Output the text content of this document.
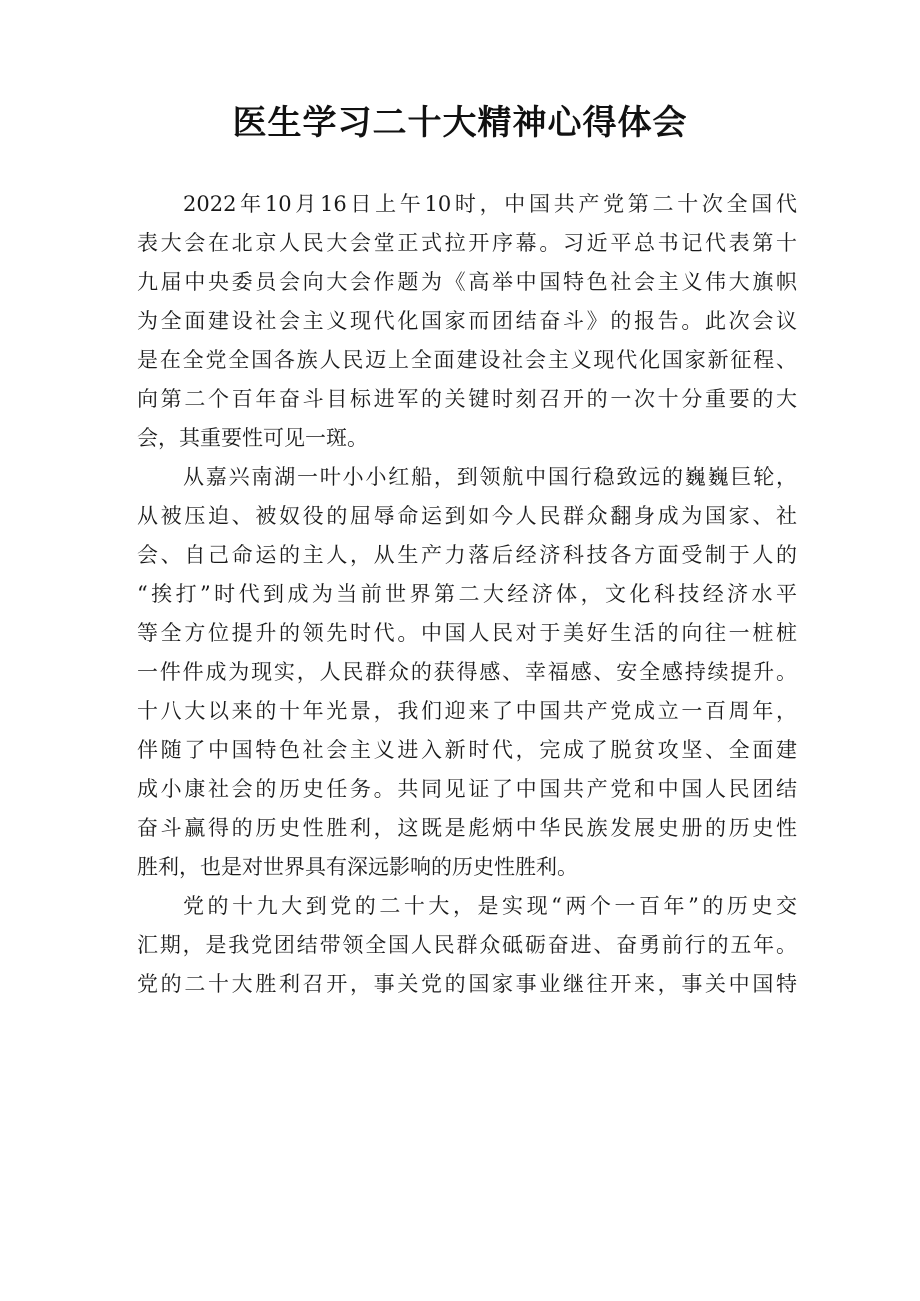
医生学习二十大精神心得体会
2022年10月16日上午10时，中国共产党第二十次全国代
表大会在北京人民大会堂正式拉开序幕。习近平总书记代表第十
九届中央委员会向大会作题为《高举中国特色社会主义伟大旗帜
为全面建设社会主义现代化国家而团结奋斗》的报告。此次会议
是在全党全国各族人民迈上全面建设社会主义现代化国家新征程、
向第二个百年奋斗目标进军的关键时刻召开的一次十分重要的大
会，其重要性可见一斑。
从嘉兴南湖一叶小小红船，到领航中国行稳致远的巍巍巨轮，
从被压迫、被奴役的屈辱命运到如今人民群众翻身成为国家、社
会、自己命运的主人，从生产力落后经济科技各方面受制于人的
“挨打”时代到成为当前世界第二大经济体，文化科技经济水平
等全方位提升的领先时代。中国人民对于美好生活的向往一桩桩
一件件成为现实，人民群众的获得感、幸福感、安全感持续提升。
十八大以来的十年光景，我们迎来了中国共产党成立一百周年，
伴随了中国特色社会主义进入新时代，完成了脱贫攻坚、全面建
成小康社会的历史任务。共同见证了中国共产党和中国人民团结
奋斗赢得的历史性胜利，这既是彪炳中华民族发展史册的历史性
胜利，也是对世界具有深远影响的历史性胜利。
党的十九大到党的二十大，是实现“两个一百年”的历史交
汇期，是我党团结带领全国人民群众砥砺奋进、奋勇前行的五年。
党的二十大胜利召开，事关党的国家事业继往开来，事关中国特
